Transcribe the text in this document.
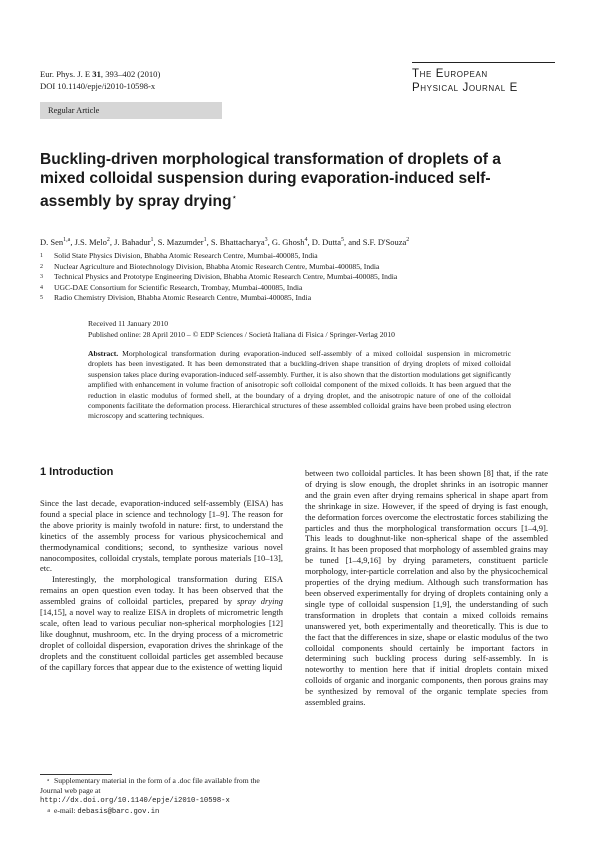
Eur. Phys. J. E 31, 393–402 (2010)
DOI 10.1140/epje/i2010-10598-x
The European
Physical Journal E
Regular Article
Buckling-driven morphological transformation of droplets of a mixed colloidal suspension during evaporation-induced self-assembly by spray drying⋆
D. Sen$^{1,a}$, J.S. Melo$^2$, J. Bahadur$^1$, S. Mazumder$^1$, S. Bhattacharya$^3$, G. Ghosh$^4$, D. Dutta$^5$, and S.F. D'Souza$^2$
1	Solid State Physics Division, Bhabha Atomic Research Centre, Mumbai-400085, India
2	Nuclear Agriculture and Biotechnology Division, Bhabha Atomic Research Centre, Mumbai-400085, India
3	Technical Physics and Prototype Engineering Division, Bhabha Atomic Research Centre, Mumbai-400085, India
4	UGC-DAE Consortium for Scientific Research, Trombay, Mumbai-400085, India
5	Radio Chemistry Division, Bhabha Atomic Research Centre, Mumbai-400085, India
Received 11 January 2010
Published online: 28 April 2010 – © EDP Sciences / Società Italiana di Fisica / Springer-Verlag 2010

Abstract. Morphological transformation during evaporation-induced self-assembly of a mixed colloidal suspension in micrometric droplets has been investigated. It has been demonstrated that a buckling-driven shape transition of drying droplets of mixed colloidal suspension takes place during evaporation-induced self-assembly. Further, it is also shown that the distortion modulations get significantly amplified with enhancement in volume fraction of anisotropic soft colloidal component of the mixed colloids. It has been argued that the reduction in elastic modulus of formed shell, at the boundary of a drying droplet, and the anisotropic nature of one of the colloidal components facilitate the deformation process. Hierarchical structures of these assembled colloidal grains have been probed using electron microscopy and scattering techniques.

1 Introduction

Since the last decade, evaporation-induced self-assembly (EISA) has found a special place in science and technology [1–9]. The reason for the above priority is mainly twofold in nature: first, to understand the kinetics of the assembly process for various physicochemical and thermodynamical conditions; second, to synthesize various novel nanocomposites, colloidal crystals, template porous materials [10–13], etc.

Interestingly, the morphological transformation during EISA remains an open question even today. It has been observed that the assembled grains of colloidal particles, prepared by spray drying [14,15], a novel way to realize EISA in droplets of micrometric length scale, often lead to various peculiar non-spherical morphologies [12] like doughnut, mushroom, etc. In the drying process of a micrometric droplet of colloidal dispersion, evaporation drives the shrinkage of the droplets and the constituent colloidal particles get assembled because of the capillary forces that appear due to the existence of wetting liquid

between two colloidal particles. It has been shown [8] that, if the rate of drying is slow enough, the droplet shrinks in an isotropic manner and the grain even after drying remains spherical in shape apart from the shrinkage in size. However, if the speed of drying is fast enough, the deformation forces overcome the electrostatic forces stabilizing the particles and thus the morphological transformation occurs [1–4,9]. This leads to doughnut-like non-spherical shape of the assembled grains. It has been proposed that morphology of assembled grains may be tuned [1–4,9,16] by drying parameters, constituent particle morphology, inter-particle correlation and also by the physicochemical properties of the drying medium. Although such transformation has been observed experimentally for drying of droplets containing only a single type of colloidal suspension [1,9], the understanding of such transformation in droplets that contain a mixed colloids remains unanswered yet, both experimentally and theoretically. This is due to the fact that the differences in size, shape or elastic modulus of the two colloidal components should certainly be important factors in determining such buckling process during self-assembly. In is noteworthy to mention here that if initial droplets contain mixed colloids of organic and inorganic components, then porous grains may be synthesized by removal of the organic template species from assembled grains.

⋆ Supplementary material in the form of a .doc file available from the Journal web page at
http://dx.doi.org/10.1140/epje/i2010-10598-x
a e-mail: debasis@barc.gov.in
